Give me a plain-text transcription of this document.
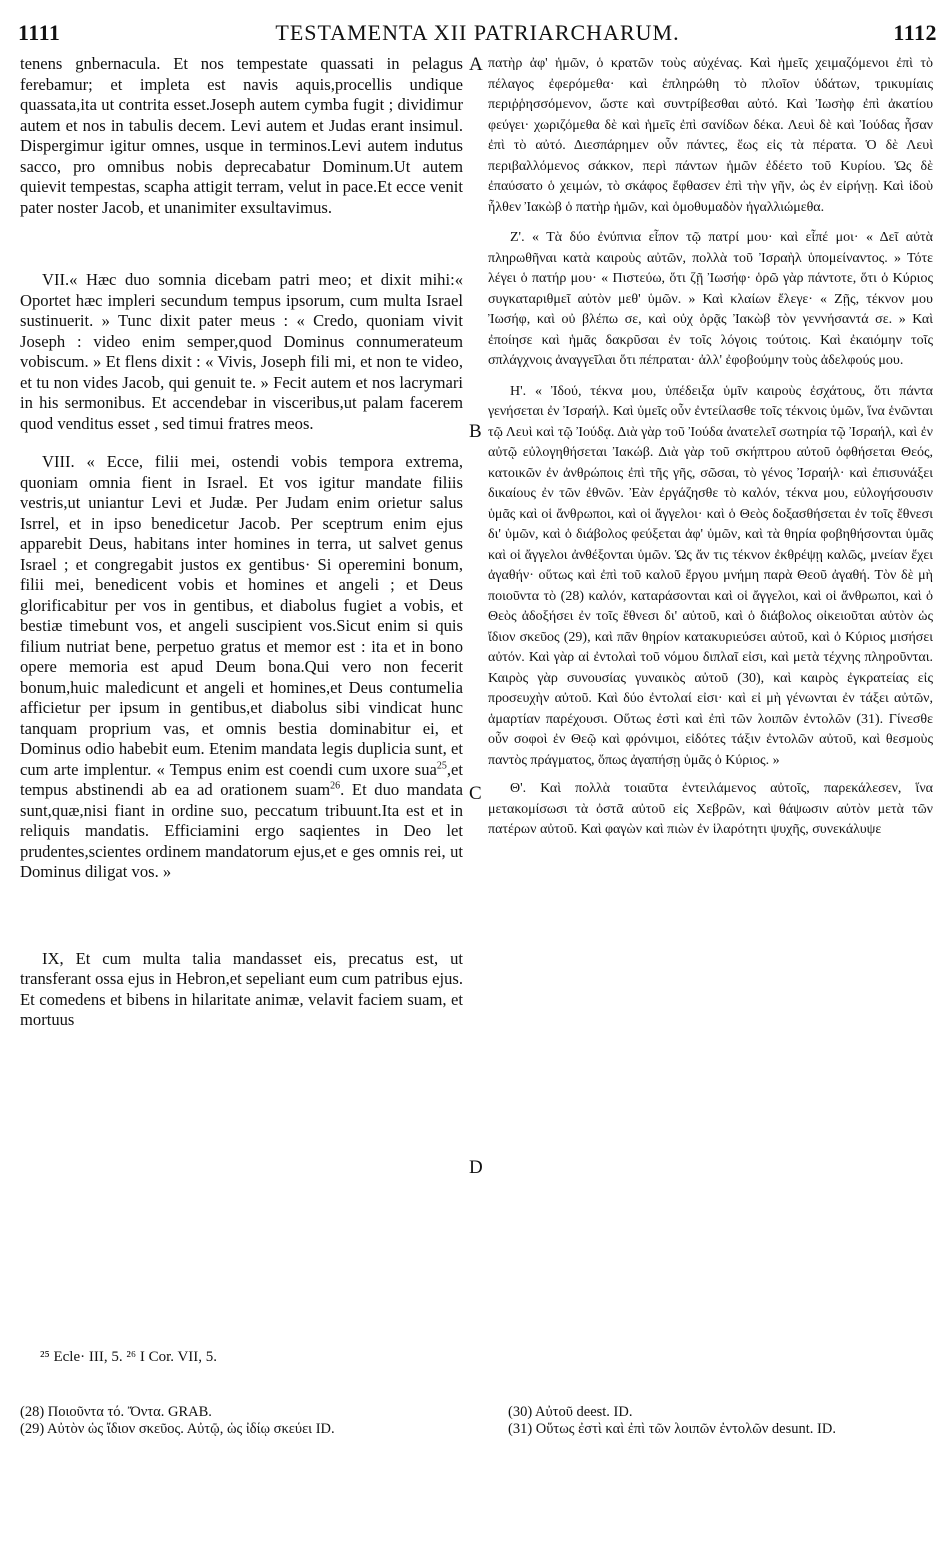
1111	TESTAMENTA XII PATRIARCHARUM.	1112

tenens gnbernacula. Et nos tempestate quassati in pelagus ferebamur; et impleta est navis aquis,procellis undique quassata,ita ut contrita esset.Joseph autem cymba fugit ; dividimur autem et nos in tabulis decem. Levi autem et Judas erant insimul. Dispergimur igitur omnes, usque in terminos.Levi autem indutus sacco, pro omnibus nobis deprecabatur Dominum.Ut autem quievit tempestas, scapha attigit terram, velut in pace.Et ecce venit pater noster Jacob, et unanimiter exsultavimus.

VII.« Hæc duo somnia dicebam patri meo; et dixit mihi:« Oportet hæc impleri secundum tempus ipsorum, cum multa Israel sustinuerit. » Tunc dixit pater meus : « Credo, quoniam vivit Joseph : video enim semper,quod Dominus connumerateum vobiscum. » Et flens dixit : « Vivis, Joseph fili mi, et non te video, et tu non vides Jacob, qui genuit te. » Fecit autem et nos lacrymari in his sermonibus. Et accendebar in visceribus,ut palam facerem quod venditus esset , sed timui fratres meos.

VIII. « Ecce, filii mei, ostendi vobis tempora extrema, quoniam omnia fient in Israel. Et vos igitur mandate filiis vestris,ut uniantur Levi et Judæ. Per Judam enim orietur salus Isrrel, et in ipso benedicetur Jacob. Per sceptrum enim ejus apparebit Deus, habitans inter homines in terra, ut salvet genus Israel ; et congregabit justos ex gentibus· Si operemini bonum, filii mei, benedicent vobis et homines et angeli ; et Deus glorificabitur per vos in gentibus, et diabolus fugiet a vobis, et bestiæ timebunt vos, et angeli suscipient vos.Sicut enim si quis filium nutriat bene, perpetuo gratus et memor est : ita et in bono opere memoria est apud Deum bona.Qui vero non fecerit bonum,huic maledicunt et angeli et homines,et Deus contumelia afficietur per ipsum in gentibus,et diabolus sibi vindicat hunc tanquam proprium vas, et omnis bestia dominabitur ei, et Dominus odio habebit eum. Etenim mandata legis duplicia sunt, et cum arte implentur. « Tempus enim est coendi cum uxore sua$^{25}$,et tempus abstinendi ab ea ad orationem suam$^{26}$. Et duo mandata sunt,quæ,nisi fiant in ordine suo, peccatum tribuunt.Ita est et in reliquis mandatis. Efficiamini ergo saqientes in Deo let prudentes,scientes ordinem mandatorum ejus,et e ges omnis rei, ut Dominus diligat vos. »

IX, Et cum multa talia mandasset eis, precatus est, ut transferant ossa ejus in Hebron,et sepeliant eum cum patribus ejus. Et comedens et bibens in hilaritate animæ, velavit faciem suam, et mortuus

A
B
C
D

πατὴρ ἀφ' ἡμῶν, ὁ κρατῶν τοὺς αὐχένας. Καὶ ἡμεῖς χειμαζόμενοι ἐπὶ τὸ πέλαγος ἐφερόμεθα· καὶ ἐπληρώθη τὸ πλοῖον ὑδάτων, τρικυμίαις περιῤῥησσόμενον, ὥστε καὶ συντρίβεσθαι αὐτό. Καὶ Ἰωσὴφ ἐπὶ ἀκατίου φεύγει· χωριζόμεθα δὲ καὶ ἡμεῖς ἐπὶ σανίδων δέκα. Λευὶ δὲ καὶ Ἰούδας ἦσαν ἐπὶ τὸ αὐτό. Διεσπάρημεν οὖν πάντες, ἕως εἰς τὰ πέρατα. Ὁ δὲ Λευὶ περιβαλλόμενος σάκκον, περὶ πάντων ἡμῶν ἐδέετο τοῦ Κυρίου. Ὡς δὲ ἐπαύσατο ὁ χειμών, τὸ σκάφος ἔφθασεν ἐπὶ τὴν γῆν, ὡς ἐν εἰρήνῃ. Καὶ ἰδοὺ ἦλθεν Ἰακὼβ ὁ πατὴρ ἡμῶν, καὶ ὁμοθυμαδὸν ἠγαλλιώμεθα.

Ζ'. « Τὰ δύο ἐνύπνια εἶπον τῷ πατρί μου· καὶ εἶπέ μοι· « Δεῖ αὐτὰ πληρωθῆναι κατὰ καιροὺς αὐτῶν, πολλὰ τοῦ Ἰσραὴλ ὑπομείναντος. » Τότε λέγει ὁ πατήρ μου· « Πιστεύω, ὅτι ζῇ Ἰωσήφ· ὁρῶ γὰρ πάντοτε, ὅτι ὁ Κύριος συγκαταριθμεῖ αὐτὸν μεθ' ὑμῶν. » Καὶ κλαίων ἔλεγε· « Ζῇς, τέκνον μου Ἰωσήφ, καὶ οὐ βλέπω σε, καὶ οὐχ ὁρᾷς Ἰακὼβ τὸν γεννήσαντά σε. » Καὶ ἐποίησε καὶ ἡμᾶς δακρῦσαι ἐν τοῖς λόγοις τούτοις. Καὶ ἐκαιόμην τοῖς σπλάγχνοις ἀναγγεῖλαι ὅτι πέπραται· ἀλλ' ἐφοβούμην τοὺς ἀδελφούς μου.

Η'. « Ἰδού, τέκνα μου, ὑπέδειξα ὑμῖν καιροὺς ἐσχάτους, ὅτι πάντα γενήσεται ἐν Ἰσραήλ. Καὶ ὑμεῖς οὖν ἐντείλασθε τοῖς τέκνοις ὑμῶν, ἵνα ἑνῶνται τῷ Λευὶ καὶ τῷ Ἰούδᾳ. Διὰ γὰρ τοῦ Ἰούδα ἀνατελεῖ σωτηρία τῷ Ἰσραήλ, καὶ ἐν αὐτῷ εὐλογηθήσεται Ἰακώβ. Διὰ γὰρ τοῦ σκήπτρου αὐτοῦ ὀφθήσεται Θεός, κατοικῶν ἐν ἀνθρώποις ἐπὶ τῆς γῆς, σῶσαι, τὸ γένος Ἰσραήλ· καὶ ἐπισυνάξει δικαίους ἐν τῶν ἐθνῶν. Ἐὰν ἐργάζησθε τὸ καλόν, τέκνα μου, εὐλογήσουσιν ὑμᾶς καὶ οἱ ἄνθρωποι, καὶ οἱ ἄγγελοι· καὶ ὁ Θεὸς δοξασθήσεται ἐν τοῖς ἔθνεσι δι' ὑμῶν, καὶ ὁ διάβολος φεύξεται ἀφ' ὑμῶν, καὶ τὰ θηρία φοβηθήσονται ὑμᾶς καὶ οἱ ἄγγελοι ἀνθέξονται ὑμῶν. Ὡς ἄν τις τέκνον ἐκθρέψῃ καλῶς, μνείαν ἔχει ἀγαθήν· οὕτως καὶ ἐπὶ τοῦ καλοῦ ἔργου μνήμη παρὰ Θεοῦ ἀγαθή. Τὸν δὲ μὴ ποιοῦντα τὸ (28) καλόν, καταράσονται καὶ οἱ ἄγγελοι, καὶ οἱ ἄνθρωποι, καὶ ὁ Θεὸς ἀδοξήσει ἐν τοῖς ἔθνεσι δι' αὐτοῦ, καὶ ὁ διάβολος οἰκειοῦται αὐτὸν ὡς ἴδιον σκεῦος (29), καὶ πᾶν θηρίον κατακυριεύσει αὐτοῦ, καὶ ὁ Κύριος μισήσει αὐτόν. Καὶ γὰρ αἱ ἐντολαὶ τοῦ νόμου διπλαῖ εἰσι, καὶ μετὰ τέχνης πληροῦνται. Καιρὸς γὰρ συνουσίας γυναικὸς αὐτοῦ (30), καὶ καιρὸς ἐγκρατείας εἰς προσευχὴν αὐτοῦ. Καὶ δύο ἐντολαί εἰσι· καὶ εἰ μὴ γένωνται ἐν τάξει αὐτῶν, ἁμαρτίαν παρέχουσι. Οὕτως ἐστὶ καὶ ἐπὶ τῶν λοιπῶν ἐντολῶν (31). Γίνεσθε οὖν σοφοὶ ἐν Θεῷ καὶ φρόνιμοι, εἰδότες τάξιν ἐντολῶν αὐτοῦ, καὶ θεσμοὺς παντὸς πράγματος, ὅπως ἀγαπήσῃ ὑμᾶς ὁ Κύριος. »

Θ'. Καὶ πολλὰ τοιαῦτα ἐντειλάμενος αὐτοῖς, παρεκάλεσεν, ἵνα μετακομίσωσι τὰ ὀστᾶ αὐτοῦ εἰς Χεβρῶν, καὶ θάψωσιν αὐτὸν μετὰ τῶν πατέρων αὐτοῦ. Καὶ φαγὼν καὶ πιὼν ἐν ἱλαρότητι ψυχῆς, συνεκάλυψε

²⁵ Ecle· III, 5. ²⁶ I Cor. VII, 5.
(28) Ποιοῦντα τό. Ὄντα. GRAB.
(29) Αὐτὸν ὡς ἴδιον σκεῦος. Αὐτῷ, ὡς ἰδίῳ σκεύει ID.
(30) Αὐτοῦ deest. ID.
(31) Οὕτως ἐστὶ καὶ ἐπὶ τῶν λοιπῶν ἐντολῶν desunt. ID.
